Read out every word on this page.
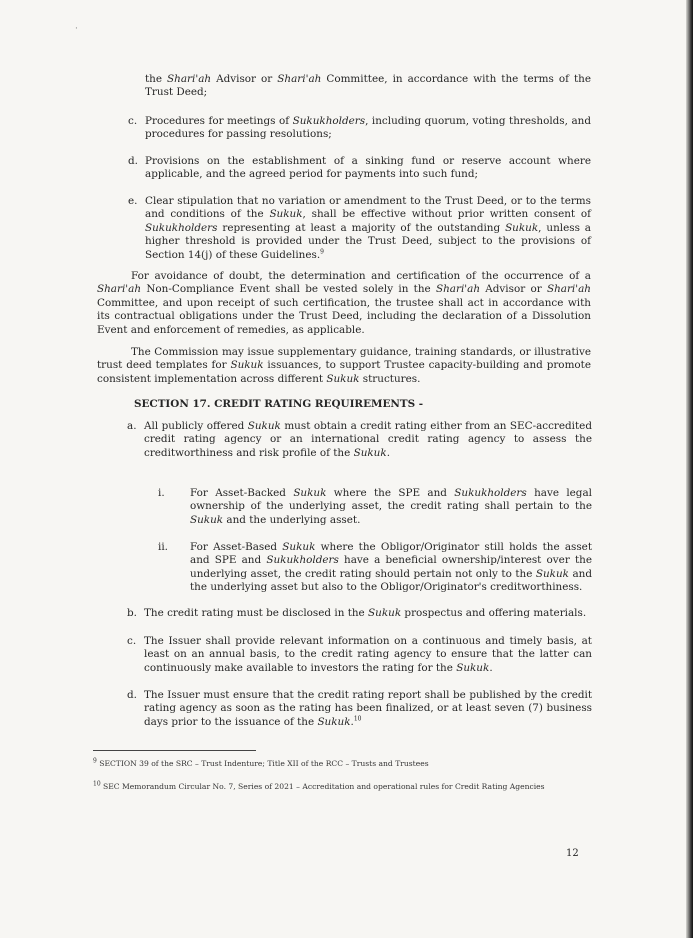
·
the Shari'ah Advisor or Shari'ah Committee, in accordance with the terms of the Trust Deed;
c. Procedures for meetings of Sukukholders, including quorum, voting thresholds, and procedures for passing resolutions;
d. Provisions on the establishment of a sinking fund or reserve account where applicable, and the agreed period for payments into such fund;
e. Clear stipulation that no variation or amendment to the Trust Deed, or to the terms and conditions of the Sukuk, shall be effective without prior written consent of Sukukholders representing at least a majority of the outstanding Sukuk, unless a higher threshold is provided under the Trust Deed, subject to the provisions of Section 14(j) of these Guidelines.$^9$
For avoidance of doubt, the determination and certification of the occurrence of a Shari'ah Non-Compliance Event shall be vested solely in the Shari'ah Advisor or Shari'ah Committee, and upon receipt of such certification, the trustee shall act in accordance with its contractual obligations under the Trust Deed, including the declaration of a Dissolution Event and enforcement of remedies, as applicable.
The Commission may issue supplementary guidance, training standards, or illustrative trust deed templates for Sukuk issuances, to support Trustee capacity-building and promote consistent implementation across different Sukuk structures.
SECTION 17. CREDIT RATING REQUIREMENTS -
a. All publicly offered Sukuk must obtain a credit rating either from an SEC-accredited credit rating agency or an international credit rating agency to assess the creditworthiness and risk profile of the Sukuk.
i. For Asset-Backed Sukuk where the SPE and Sukukholders have legal ownership of the underlying asset, the credit rating shall pertain to the Sukuk and the underlying asset.
ii. For Asset-Based Sukuk where the Obligor/Originator still holds the asset and SPE and Sukukholders have a beneficial ownership/interest over the underlying asset, the credit rating should pertain not only to the Sukuk and the underlying asset but also to the Obligor/Originator's creditworthiness.
b. The credit rating must be disclosed in the Sukuk prospectus and offering materials.
c. The Issuer shall provide relevant information on a continuous and timely basis, at least on an annual basis, to the credit rating agency to ensure that the latter can continuously make available to investors the rating for the Sukuk.
d. The Issuer must ensure that the credit rating report shall be published by the credit rating agency as soon as the rating has been finalized, or at least seven (7) business days prior to the issuance of the Sukuk.$^{10}$
$^9$ SECTION 39 of the SRC – Trust Indenture; Title XII of the RCC – Trusts and Trustees
$^{10}$ SEC Memorandum Circular No. 7, Series of 2021 – Accreditation and operational rules for Credit Rating Agencies
12
